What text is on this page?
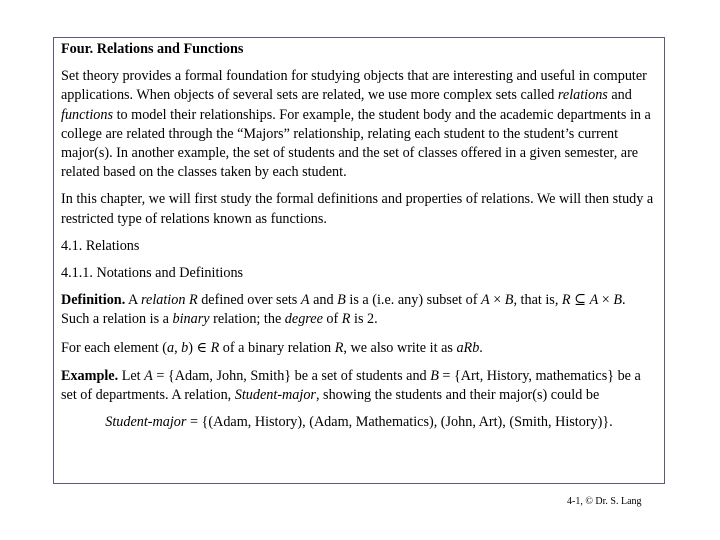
Four. Relations and Functions

Set theory provides a formal foundation for studying objects that are interesting and useful in computer applications. When objects of several sets are related, we use more complex sets called relations and functions to model their relationships. For example, the student body and the academic departments in a college are related through the “Majors” relationship, relating each student to the student’s current major(s). In another example, the set of students and the set of classes offered in a given semester, are related based on the classes taken by each student.

In this chapter, we will first study the formal definitions and properties of relations. We will then study a restricted type of relations known as functions.

4.1. Relations

4.1.1. Notations and Definitions

Definition. A relation R defined over sets A and B is a (i.e. any) subset of A × B, that is, R ⊆ A × B. Such a relation is a binary relation; the degree of R is 2.

For each element (a, b) ∈ R of a binary relation R, we also write it as aRb.

Example. Let A = {Adam, John, Smith} be a set of students and B = {Art, History, mathematics} be a set of departments. A relation, Student-major, showing the students and their major(s) could be

Student-major = {(Adam, History), (Adam, Mathematics), (John, Art), (Smith, History)}.

4-1, © Dr. S. Lang
